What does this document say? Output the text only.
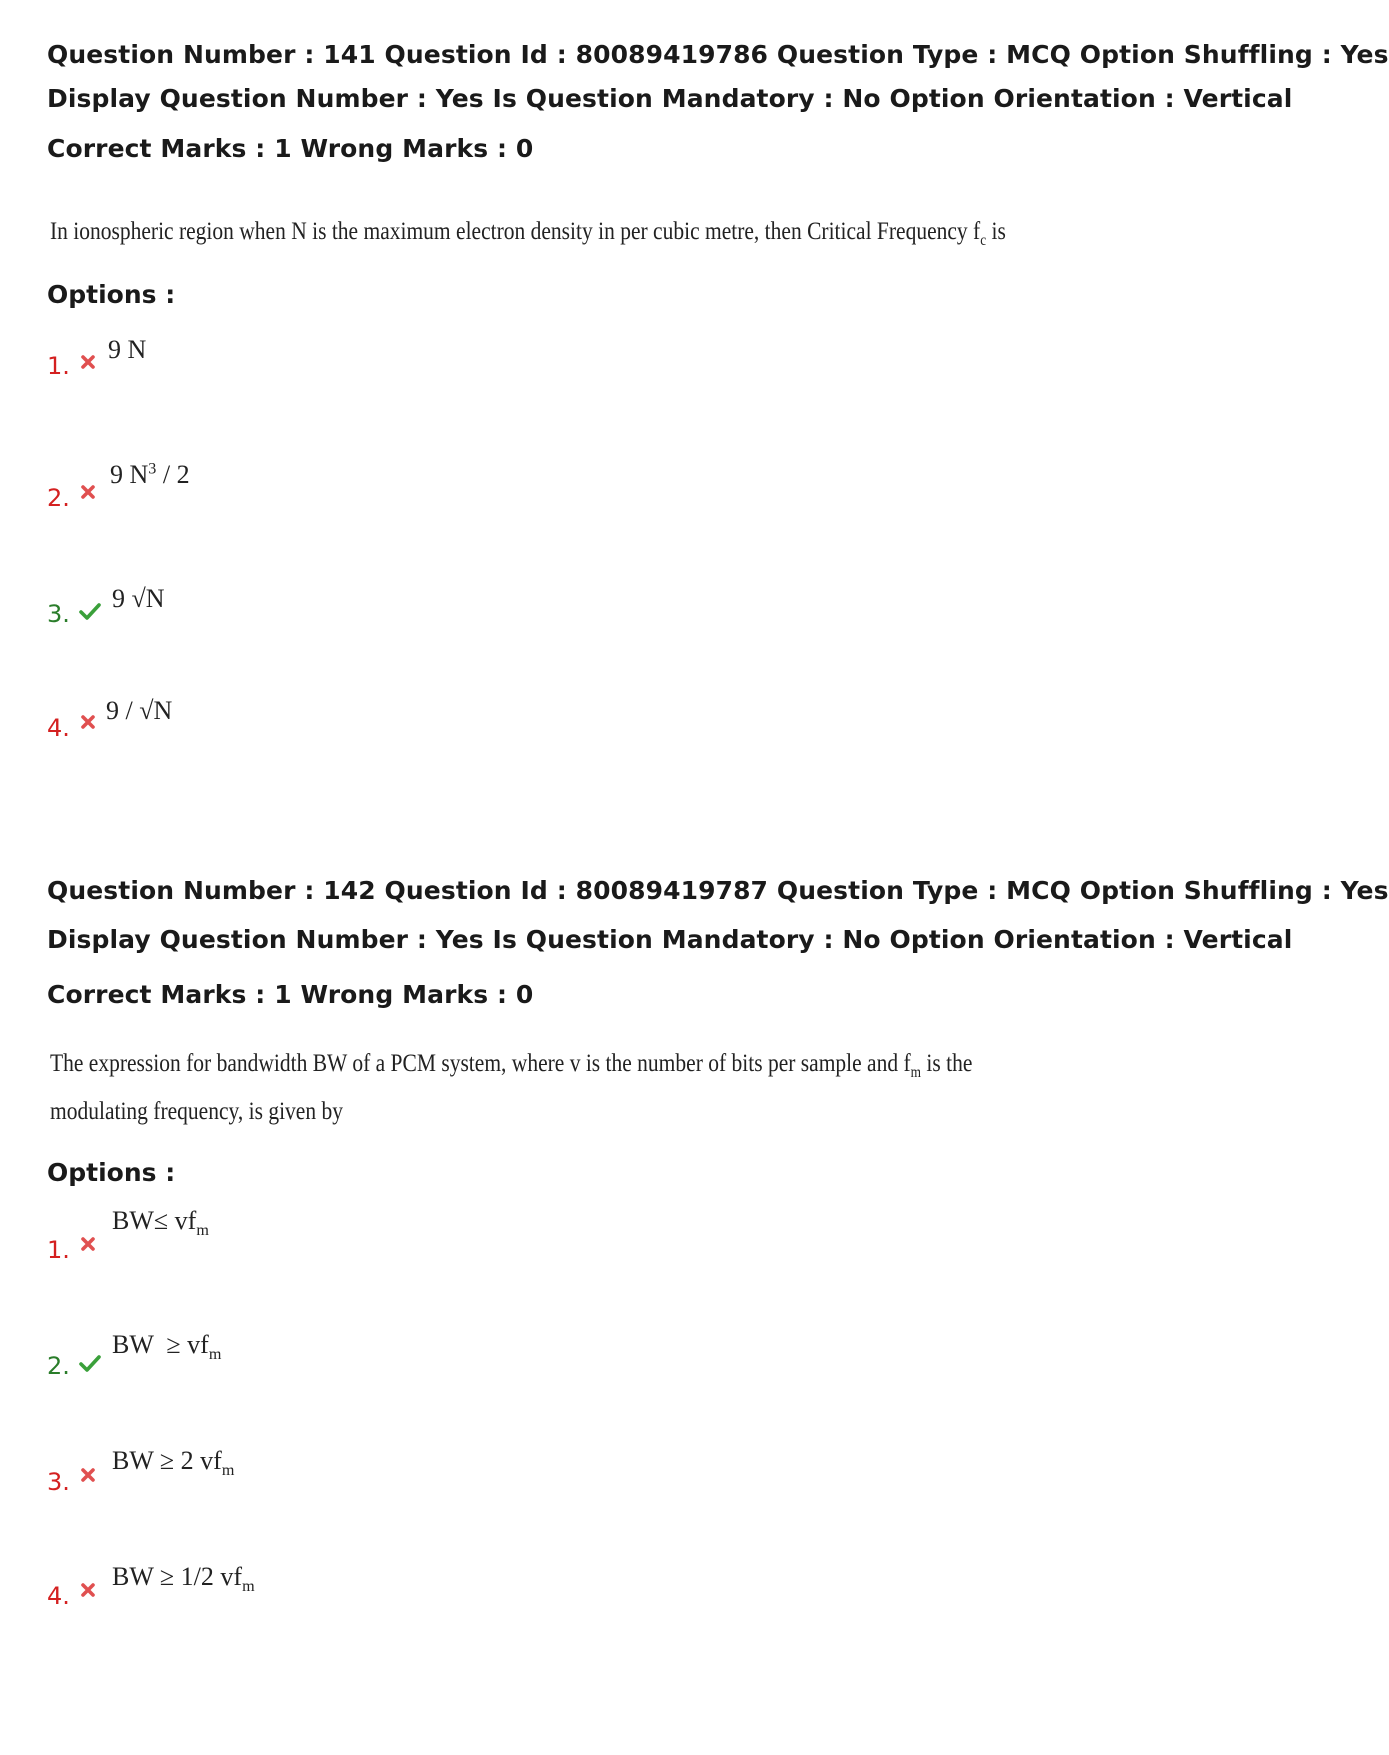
Question Number : 141 Question Id : 80089419786 Question Type : MCQ Option Shuffling : Yes
Display Question Number : Yes Is Question Mandatory : No Option Orientation : Vertical
Correct Marks : 1 Wrong Marks : 0
In ionospheric region when N is the maximum electron density in per cubic metre, then Critical Frequency $f_c$ is
Options :
1.
9 N
2.
9 $N^3 / 2$
3.
9 √N
4.
9 / √N
Question Number : 142 Question Id : 80089419787 Question Type : MCQ Option Shuffling : Yes
Display Question Number : Yes Is Question Mandatory : No Option Orientation : Vertical
Correct Marks : 1 Wrong Marks : 0
The expression for bandwidth BW of a PCM system, where v is the number of bits per sample and $f_m$ is the
modulating frequency, is given by
Options :
1.
$BW\le vf_m$
2.
BW  ≥ $vf_m$
3.
BW ≥ 2 $vf_m$
4.
BW ≥ 1/2 $vf_m$
